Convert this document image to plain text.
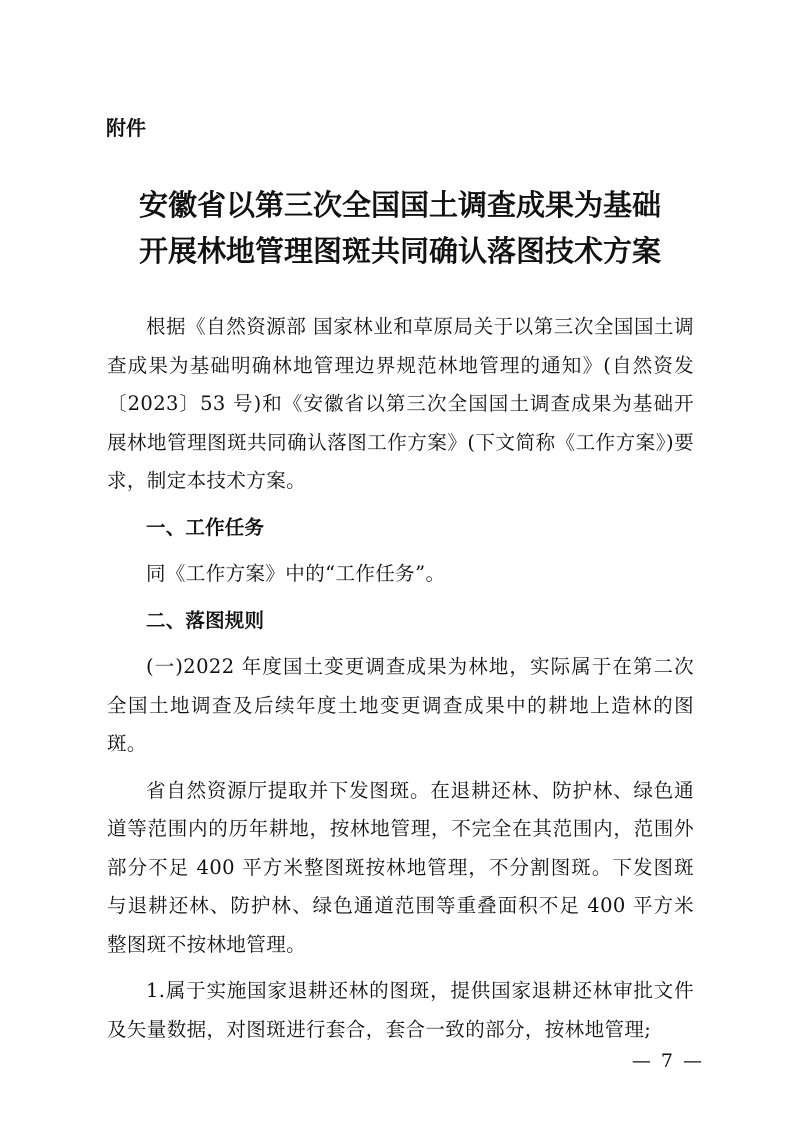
附件
安徽省以第三次全国国土调查成果为基础
开展林地管理图斑共同确认落图技术方案

根据《自然资源部 国家林业和草原局关于以第三次全国国土调查成果为基础明确林地管理边界规范林地管理的通知》(自然资发〔2023〕53 号)和《安徽省以第三次全国国土调查成果为基础开展林地管理图斑共同确认落图工作方案》(下文简称《工作方案》)要求，制定本技术方案。

一、工作任务

同《工作方案》中的“工作任务”。

二、落图规则

(一)2022 年度国土变更调查成果为林地，实际属于在第二次全国土地调查及后续年度土地变更调查成果中的耕地上造林的图斑。

省自然资源厅提取并下发图斑。在退耕还林、防护林、绿色通道等范围内的历年耕地，按林地管理，不完全在其范围内，范围外部分不足 400 平方米整图斑按林地管理，不分割图斑。下发图斑与退耕还林、防护林、绿色通道范围等重叠面积不足 400 平方米整图斑不按林地管理。

1.属于实施国家退耕还林的图斑，提供国家退耕还林审批文件及矢量数据，对图斑进行套合，套合一致的部分，按林地管理;

— 7 —
